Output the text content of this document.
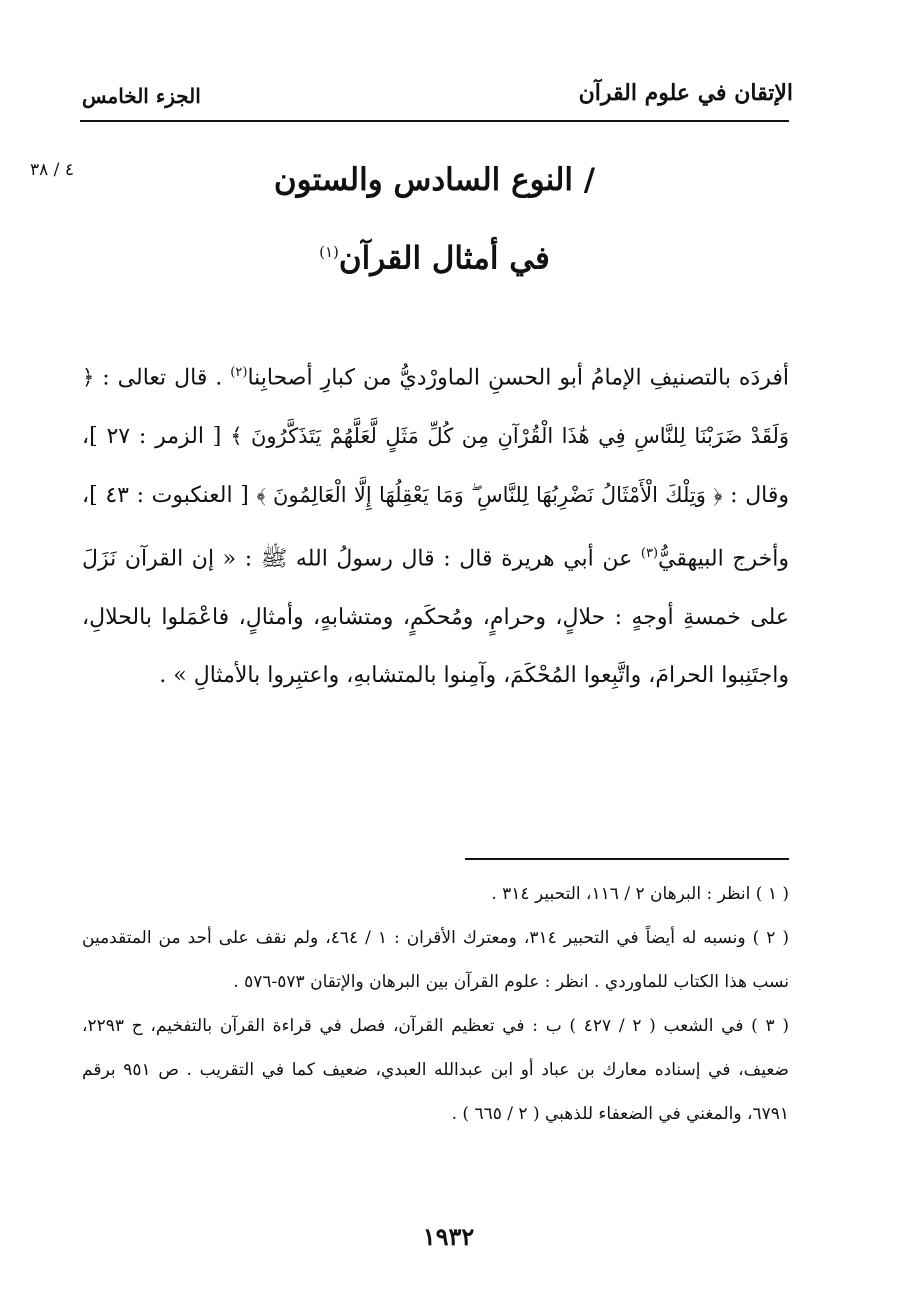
الإتقان في علوم القرآن
الجزء الخامس
٤ / ٣٨	/ النوع السادس والستون
في أمثال القرآن$^{(١)}$
أفردَه بالتصنيفِ الإمامُ أبو الحسنِ الماورْديُّ من كبارِ أصحابِنا$^{(٢)}$ . قال تعالى : ﴿ وَلَقَدْ ضَرَبْنَا لِلنَّاسِ فِي هَٰذَا الْقُرْآنِ مِن كُلِّ مَثَلٍ لَّعَلَّهُمْ يَتَذَكَّرُونَ ﴾ [ الزمر : ٢٧ ]، وقال : ﴿ وَتِلْكَ الْأَمْثَالُ نَضْرِبُهَا لِلنَّاسِ ۖ وَمَا يَعْقِلُهَا إِلَّا الْعَالِمُونَ ﴾ [ العنكبوت : ٤٣ ]، وأخرج البيهقيُّ$^{(٣)}$ عن أبي هريرة قال : قال رسولُ الله ﷺ : « إن القرآن نَزَلَ على خمسةِ أوجهٍ : حلالٍ، وحرامٍ، ومُحكَمٍ، ومتشابهٍ، وأمثالٍ، فاعْمَلوا بالحلالِ، واجتَنِبوا الحرامَ، واتَّبِعوا المُحْكَمَ، وآمِنوا بالمتشابهِ، واعتبِروا بالأمثالِ » .

( ١ ) انظر : البرهان ٢ / ١١٦، التحبير ٣١٤ .

( ٢ ) ونسبه له أيضاً في التحبير ٣١٤، ومعترك الأقران : ١ / ٤٦٤، ولم نقف على أحد من المتقدمين نسب هذا الكتاب للماوردي . انظر : علوم القرآن بين البرهان والإتقان ٥٧٣-٥٧٦ .

( ٣ ) في الشعب ( ٢ / ٤٢٧ ) ب : في تعظيم القرآن، فصل في قراءة القرآن بالتفخيم، ح ٢٢٩٣، ضعيف، في إسناده معارك بن عباد أو ابن عبدالله العبدي، ضعيف كما في التقريب . ص ٩٥١ برقم ٦٧٩١، والمغني في الضعفاء للذهبي ( ٢ / ٦٦٥ ) .

١٩٣٢
